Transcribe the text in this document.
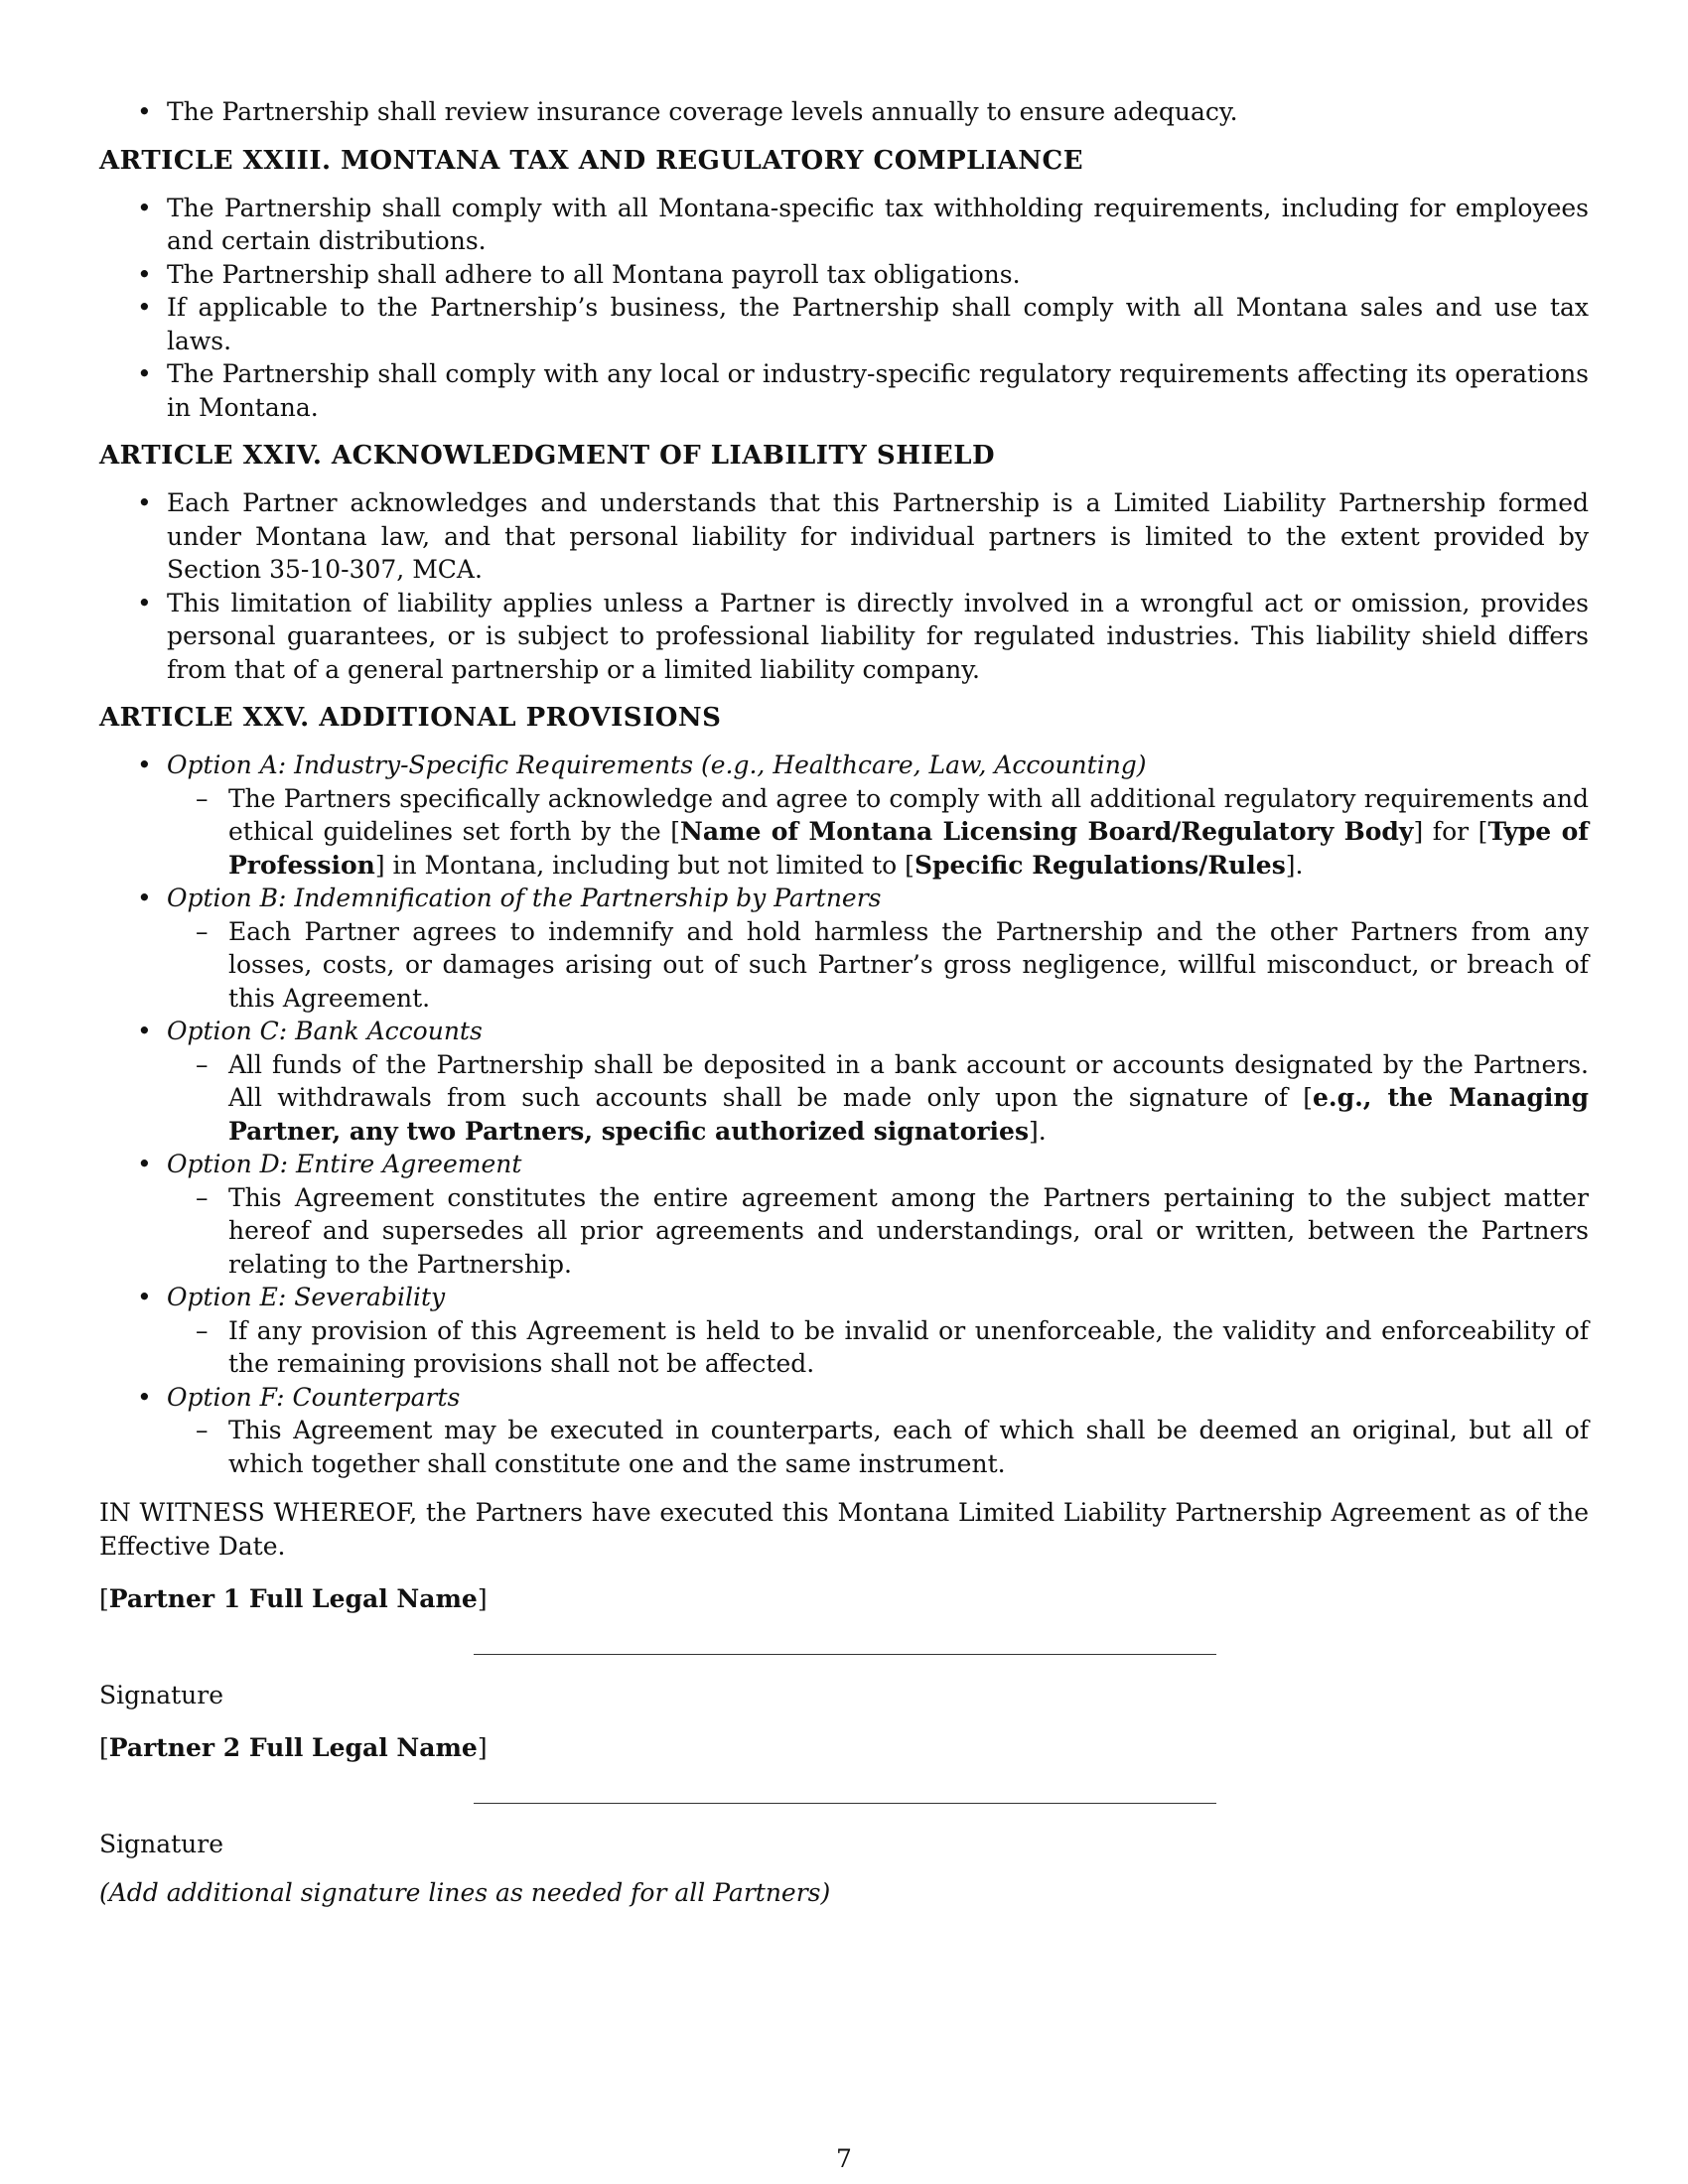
• The Partnership shall review insurance coverage levels annually to ensure adequacy.
ARTICLE XXIII. MONTANA TAX AND REGULATORY COMPLIANCE
• The Partnership shall comply with all Montana-specific tax withholding requirements, including for employees and certain distributions.
• The Partnership shall adhere to all Montana payroll tax obligations.
• If applicable to the Partnership’s business, the Partnership shall comply with all Montana sales and use tax laws.
• The Partnership shall comply with any local or industry-specific regulatory requirements affecting its operations in Montana.
ARTICLE XXIV. ACKNOWLEDGMENT OF LIABILITY SHIELD
• Each Partner acknowledges and understands that this Partnership is a Limited Liability Partnership formed under Montana law, and that personal liability for individual partners is limited to the extent provided by Section 35-10-307, MCA.
• This limitation of liability applies unless a Partner is directly involved in a wrongful act or omission, provides personal guarantees, or is subject to professional liability for regulated industries. This liability shield differs from that of a general partnership or a limited liability company.
ARTICLE XXV. ADDITIONAL PROVISIONS
• Option A: Industry-Specific Requirements (e.g., Healthcare, Law, Accounting)
– The Partners specifically acknowledge and agree to comply with all additional regulatory requirements and ethical guidelines set forth by the [Name of Montana Licensing Board/Regulatory Body] for [Type of Profession] in Montana, including but not limited to [Specific Regulations/Rules].
• Option B: Indemnification of the Partnership by Partners
– Each Partner agrees to indemnify and hold harmless the Partnership and the other Partners from any losses, costs, or damages arising out of such Partner’s gross negligence, willful misconduct, or breach of this Agreement.
• Option C: Bank Accounts
– All funds of the Partnership shall be deposited in a bank account or accounts designated by the Partners. All withdrawals from such accounts shall be made only upon the signature of [e.g., the Managing Partner, any two Partners, specific authorized signatories].
• Option D: Entire Agreement
– This Agreement constitutes the entire agreement among the Partners pertaining to the subject matter hereof and supersedes all prior agreements and understandings, oral or written, between the Partners relating to the Partnership.
• Option E: Severability
– If any provision of this Agreement is held to be invalid or unenforceable, the validity and enforceability of the remaining provisions shall not be affected.
• Option F: Counterparts
– This Agreement may be executed in counterparts, each of which shall be deemed an original, but all of which together shall constitute one and the same instrument.

IN WITNESS WHEREOF, the Partners have executed this Montana Limited Liability Partnership Agreement as of the Effective Date.

[Partner 1 Full Legal Name]
Signature
[Partner 2 Full Legal Name]
Signature
(Add additional signature lines as needed for all Partners)
7
